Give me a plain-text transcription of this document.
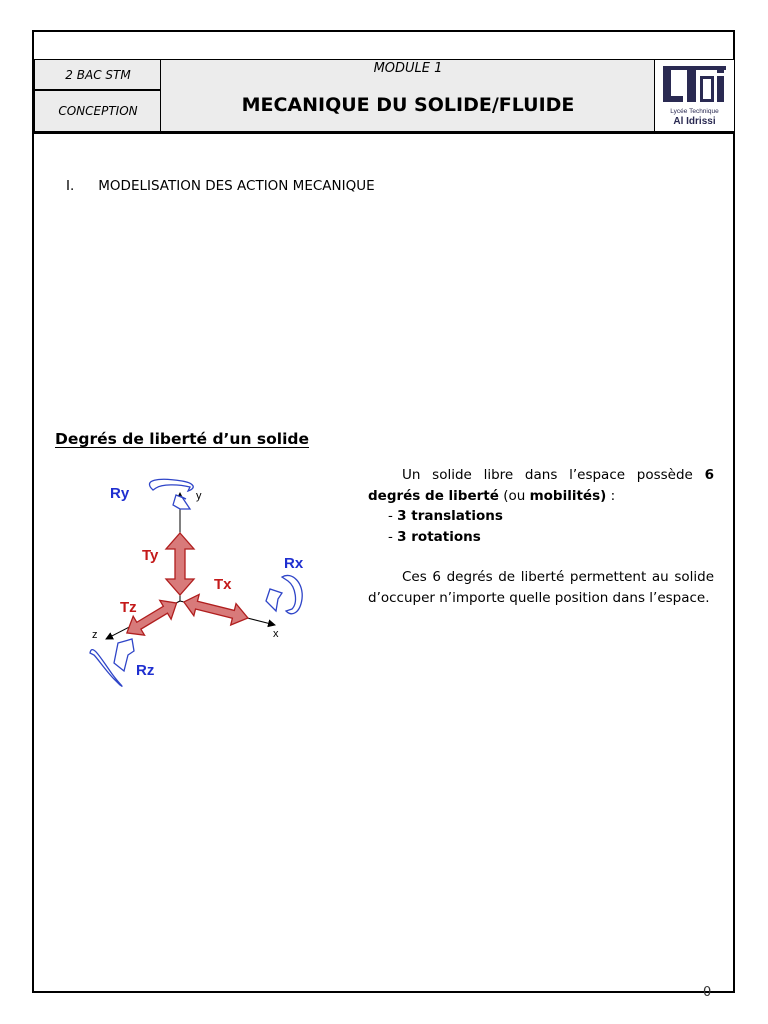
2 BAC STM
CONCEPTION
MODULE 1
MECANIQUE DU SOLIDE/FLUIDE	Lycée Technique
Al Idrissi
I. MODELISATION DES ACTION MECANIQUE
Degrés de liberté d’un solide
Ry	y
Ty
Tx
Tz
Rx
x
z
Rz
Un solide libre dans l’espace possède 6 degrés de liberté (ou mobilités) :
- 3 translations
- 3 rotations
Ces 6 degrés de liberté permettent au solide d’occuper n’importe quelle position dans l’espace.
0
